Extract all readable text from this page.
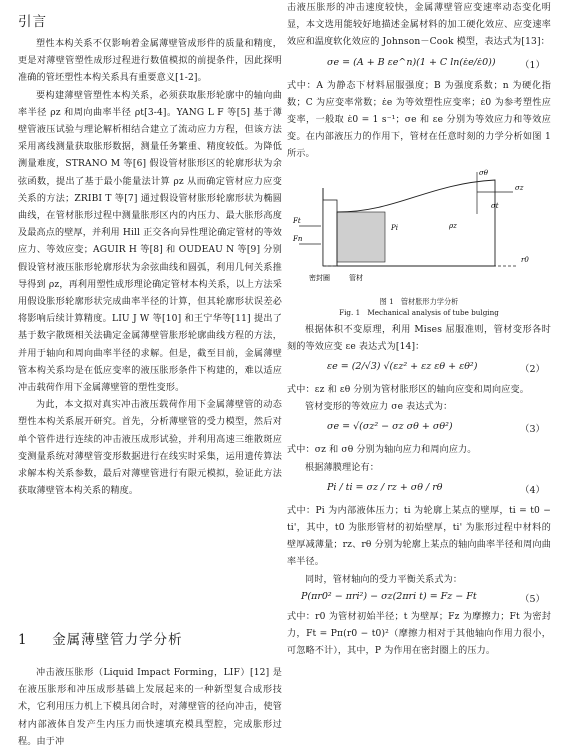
引言

塑性本构关系不仅影响着金属薄壁管成形件的质量和精度，更是对薄壁管塑性成形过程进行数值模拟的前提条件，因此探明准确的管坯塑性本构关系具有重要意义[1-2]。

要构建薄壁管塑性本构关系，必须获取胀形轮廓中的轴向曲率半径 ρz 和周向曲率半径 ρt[3-4]。YANG L F 等[5] 基于薄壁管液压试验与理论解析相结合建立了流动应力方程，但该方法采用离线测量获取胀形数据，测量任务繁重、精度较低。为降低测量难度，STRANO M 等[6] 假设管材胀形区的轮廓形状为余弦函数，提出了基于最小能量法计算 ρz 从而确定管材应力应变关系的方法；ZRIBI T 等[7] 通过假设管材胀形轮廓形状为椭圆曲线，在管材胀形过程中测量胀形区内的内压力、最大胀形高度及最高点的壁厚，并利用 Hill 正交各向异性理论确定管材的等效应力、等效应变；AGUIR H 等[8] 和 OUDEAU N 等[9] 分别假设管材液压胀形轮廓形状为余弦曲线和圆弧，利用几何关系推导得到 ρz，再利用塑性成形理论确定管材本构关系，以上方法采用假设胀形轮廓形状完成曲率半径的计算，但其轮廓形状误差必将影响后续计算精度。LIU J W 等[10] 和王宁华等[11] 提出了基于数字散斑相关法确定金属薄壁管胀形轮廓曲线方程的方法，并用于轴向和周向曲率半径的求解。但是，截至目前，金属薄壁管本构关系均是在低应变率的液压胀形条件下构建的，难以适应冲击载荷作用下金属薄壁管的塑性变形。

为此，本文拟对真实冲击液压载荷作用下金属薄壁管的动态塑性本构关系展开研究。首先，分析薄壁管的受力模型，然后对单个管件进行连续的冲击液压成形试验，并利用高速三维散斑应变测量系统对薄壁管变形数据进行在线实时采集，运用遗传算法求解本构关系参数，最后对薄壁管进行有限元模拟，验证此方法获取薄壁管本构关系的精度。

1 金属薄壁管力学分析

冲击液压胀形（Liquid Impact Forming，LIF）[12] 是在液压胀形和冲压成形基础上发展起来的一种新型复合成形技术，它利用压力机上下模具闭合时，对薄壁管的径向冲击，使管材内部液体自发产生内压力而快速填充模具型腔，完成胀形过程。由于冲

击液压胀形的冲击速度较快，金属薄壁管应变速率动态变化明显，本文选用能较好地描述金属材料的加工硬化效应、应变速率效应和温度软化效应的 Johnson－Cook 模型，表达式为[13]：

σe = (A + B εe^n)(1 + C ln(ε̇e/ε̇0))	（1）

式中：A 为静态下材料屈服强度；B 为强度系数；n 为硬化指数；C 为应变率常数；ε̇e 为等效塑性应变率；ε̇0 为参考塑性应变率，一般取 ε̇0 = 1 s⁻¹；σe 和 εe 分别为等效应力和等效应变。在内部液压力的作用下，管材在任意时刻的力学分析如图 1 所示。

Ft
Fn
Pi	ρz
σθ
σz
σt
r0
密封圈	管材
图 1　管材胀形力学分析
Fig. 1　Mechanical analysis of tube bulging

根据体积不变原理，利用 Mises 屈服准则，管材变形各时刻的等效应变 εe 表达式为[14]：

εe = (2/√3) √(εz² + εz εθ + εθ²)	（2）

式中：εz 和 εθ 分别为管材胀形区的轴向应变和周向应变。

管材变形的等效应力 σe 表达式为：

σe = √(σz² − σz σθ + σθ²)	（3）

式中：σz 和 σθ 分别为轴向应力和周向应力。

根据薄膜理论有：

Pi / ti = σz / rz + σθ / rθ	（4）

式中：Pi 为内部液体压力；ti 为轮廓上某点的壁厚，ti = t0 − ti'，其中，t0 为胀形管材的初始壁厚，ti' 为胀形过程中材料的壁厚减薄量；rz、rθ 分别为轮廓上某点的轴向曲率半径和周向曲率半径。

同时，管材轴向的受力平衡关系式为：

P(πr0² − πri²) − σz(2πri t) = Fz − Ft	（5）

式中：r0 为管材初始半径；t 为壁厚；Fz 为摩擦力；Ft 为密封力，Ft = Pπ(r0 − t0)²（摩擦力相对于其他轴向作用力很小，可忽略不计），其中，P 为作用在密封圈上的压力。
